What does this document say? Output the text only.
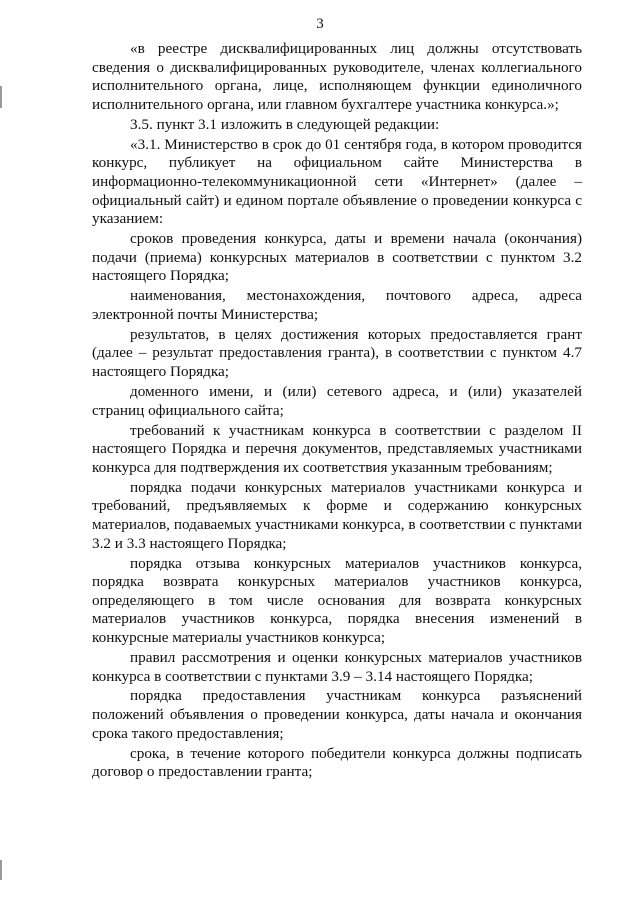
3

«в реестре дисквалифицированных лиц должны отсутствовать сведения о дисквалифицированных руководителе, членах коллегиального исполнительного органа, лице, исполняющем функции единоличного исполнительного органа, или главном бухгалтере участника конкурса.»;

3.5. пункт 3.1 изложить в следующей редакции:

«3.1. Министерство в срок до 01 сентября года, в котором проводится конкурс, публикует на официальном сайте Министерства в информационно-телекоммуникационной сети «Интернет» (далее – официальный сайт) и едином портале объявление о проведении конкурса с указанием:

сроков проведения конкурса, даты и времени начала (окончания) подачи (приема) конкурсных материалов в соответствии с пунктом 3.2 настоящего Порядка;

наименования, местонахождения, почтового адреса, адреса электронной почты Министерства;

результатов, в целях достижения которых предоставляется грант (далее – результат предоставления гранта), в соответствии с пунктом 4.7 настоящего Порядка;

доменного имени, и (или) сетевого адреса, и (или) указателей страниц официального сайта;

требований к участникам конкурса в соответствии с разделом II настоящего Порядка и перечня документов, представляемых участниками конкурса для подтверждения их соответствия указанным требованиям;

порядка подачи конкурсных материалов участниками конкурса и требований, предъявляемых к форме и содержанию конкурсных материалов, подаваемых участниками конкурса, в соответствии с пунктами 3.2 и 3.3 настоящего Порядка;

порядка отзыва конкурсных материалов участников конкурса, порядка возврата конкурсных материалов участников конкурса, определяющего в том числе основания для возврата конкурсных материалов участников конкурса, порядка внесения изменений в конкурсные материалы участников конкурса;

правил рассмотрения и оценки конкурсных материалов участников конкурса в соответствии с пунктами 3.9 – 3.14 настоящего Порядка;

порядка предоставления участникам конкурса разъяснений положений объявления о проведении конкурса, даты начала и окончания срока такого предоставления;

срока, в течение которого победители конкурса должны подписать договор о предоставлении гранта;
